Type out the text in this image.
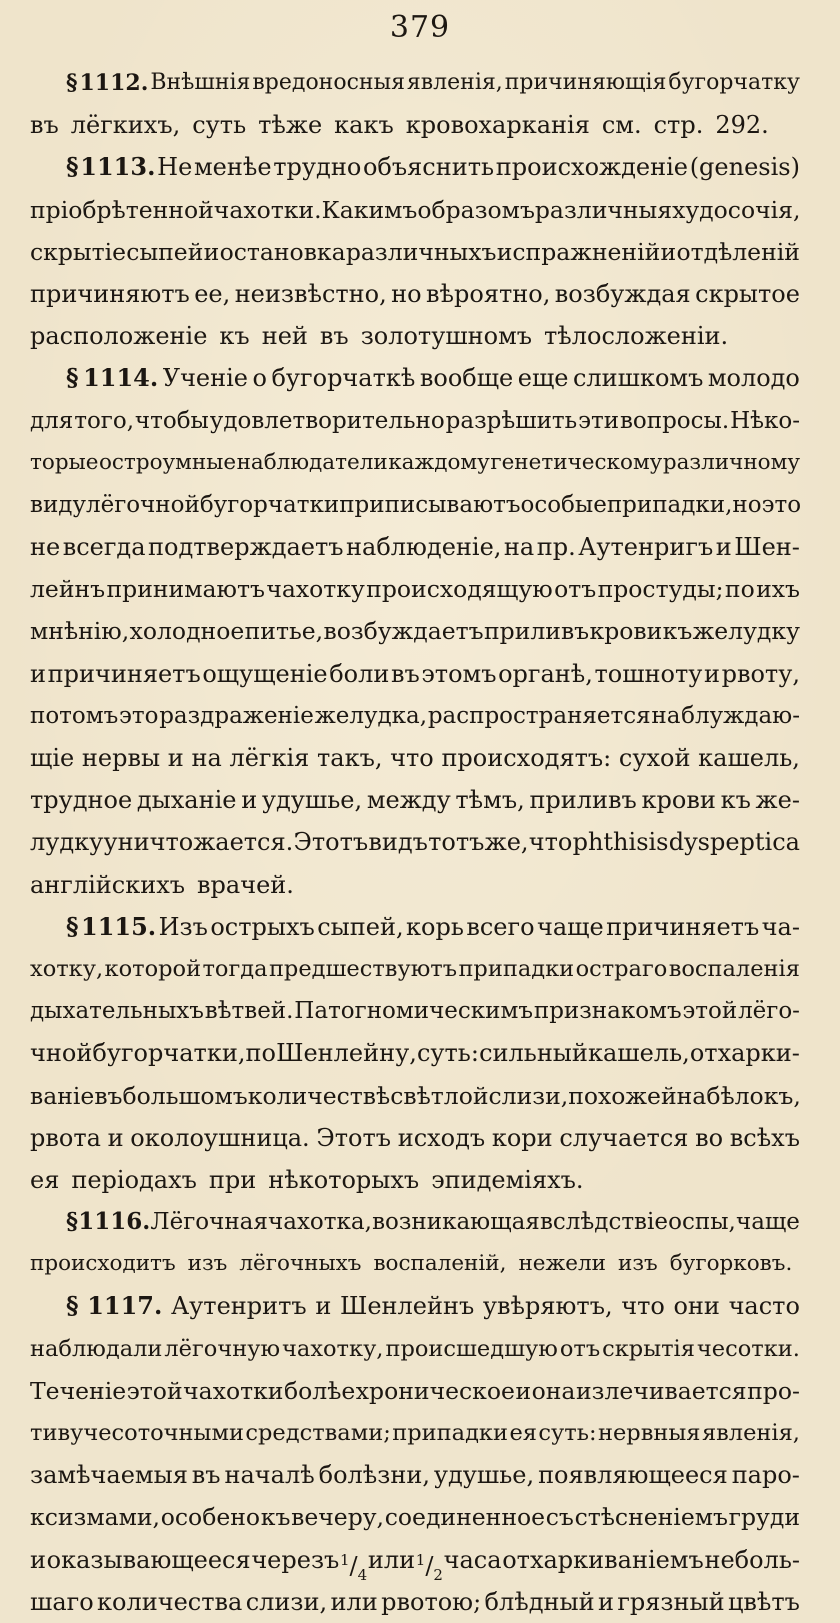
379
§ 1112. Внѣшнія вредоносныя явленія, причиняющія бугорчатку
въ лёгкихъ, суть тѣже какъ кровохарканія см. стр. 292.
§ 1113. Не менѣе трудно объяснить происхожденіе (genesis)
пріобрѣтенной чахотки. Какимъ образомъ различныя худосочія,
скрытіе сыпей и остановка различныхъ испражненій и отдѣленій
причиняютъ ее, неизвѣстно, но вѣроятно, возбуждая скрытое
расположеніе къ ней въ золотушномъ тѣлосложеніи.
§ 1114. Ученіе о бугорчаткѣ вообще еще слишкомъ молодо
для того, чтобы удовлетворительно разрѣшить эти вопросы. Нѣко-
торые остроумные наблюдатели каждому генетическому различному
виду лёгочной бугорчатки приписываютъ особые припадки, но это
не всегда подтверждаетъ наблюденіе, на пр. Аутенригъ и Шен-
лейнъ принимаютъ чахотку происходящую отъ простуды; по ихъ
мнѣнію, холодное питье, возбуждаетъ приливъ крови къ желудку
и причиняетъ ощущеніе боли въ этомъ органѣ, тошноту и рвоту,
потомъ это раздраженіе желудка, распространяется на блуждаю-
щіе нервы и на лёгкія такъ, что происходятъ: сухой кашель,
трудное дыханіе и удушье, между тѣмъ, приливъ крови къ же-
лудку уничтожается. Этотъ видъ тотъ же, что phthisis dyspeptica
англійскихъ врачей.
§ 1115. Изъ острыхъ сыпей, корь всего чаще причиняетъ ча-
хотку, которой тогда предшествуютъ припадки остраго воспаленія
дыхательныхъ вѣтвей. Патогномическимъ признакомъ этой лёго-
чной бугорчатки, по Шенлейну, суть: сильный кашель, отхарки-
ваніе въ большомъ количествѣ свѣтлой слизи, похожей на бѣлокъ,
рвота и околоушница. Этотъ исходъ кори случается во всѣхъ
ея періодахъ при нѣкоторыхъ эпидеміяхъ.
§ 1116. Лёгочная чахотка, возникающая вслѣдствіе оспы, чаще
происходитъ изъ лёгочныхъ воспаленій, нежели изъ бугорковъ.
§ 1117. Аутенритъ и Шенлейнъ увѣряютъ, что они часто
наблюдали лёгочную чахотку, происшедшую отъ скрытія чесотки.
Теченіе этой чахотки болѣе хроническое и она излечивается про-
тивучесоточными средствами; припадки ея суть: нервныя явленія,
замѣчаемыя въ началѣ болѣзни, удушье, появляющееся паро-
ксизмами, особено къ вечеру, соединенное съ стѣсненіемъ груди
и оказывающееся черезъ $^1/_4$
или $^1/_2$
часа отхаркиваніемъ неболь-
шаго количества слизи, или рвотою; блѣдный и грязный цвѣтъ
